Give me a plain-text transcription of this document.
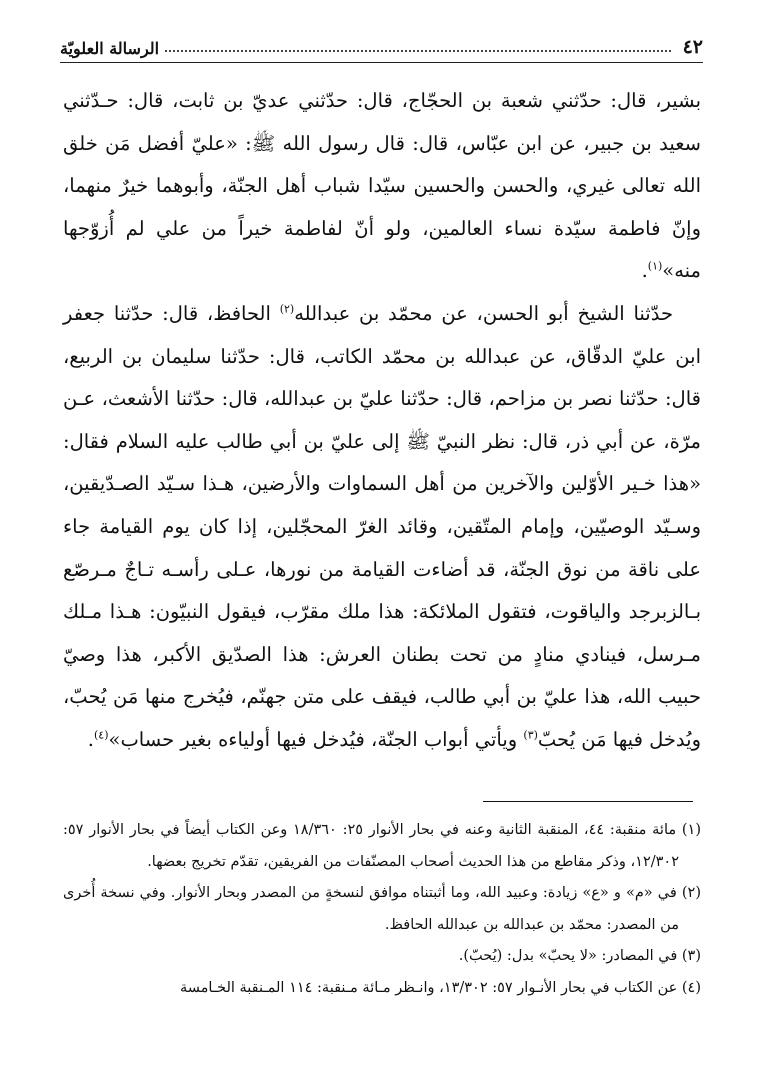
٤٢
الرسالة العلويّة

بشير، قال: حدّثني شعبة بن الحجّاج، قال: حدّثني عديّ بن ثابت، قال: حـدّثني سعيد بن جبير، عن ابن عبّاس، قال: قال رسول الله ﷺ: «عليّ أفضل مَن خلق الله تعالى غيري، والحسن والحسين سيّدا شباب أهل الجنّة، وأبوهما خيرٌ منهما، وإنّ فاطمة سيّدة نساء العالمين، ولو أنّ لفاطمة خيراً من علي لم أُزوّجها منه»$^{(١)}$.

حدّثنا الشيخ أبو الحسن، عن محمّد بن عبدالله$^{(٢)}$ الحافظ، قال: حدّثنا جعفر ابن عليّ الدقّاق، عن عبدالله بن محمّد الكاتب، قال: حدّثنا سليمان بن الربيع، قال: حدّثنا نصر بن مزاحم، قال: حدّثنا عليّ بن عبدالله، قال: حدّثنا الأشعث، عـن مرّة، عن أبي ذر، قال: نظر النبيّ ﷺ إلى عليّ بن أبي طالب عليه السلام فقال: «هذا خـير الأوّلين والآخرين من أهل السماوات والأرضين، هـذا سـيّد الصـدّيقين، وسـيّد الوصيّين، وإمام المتّقين، وقائد الغرّ المحجّلين، إذا كان يوم القيامة جاء على ناقة من نوق الجنّة، قد أضاءت القيامة من نورها، عـلى رأسـه تـاجٌ مـرصّع بـالزبرجد والياقوت، فتقول الملائكة: هذا ملك مقرّب، فيقول النبيّون: هـذا مـلك مـرسل، فينادي منادٍ من تحت بطنان العرش: هذا الصدّيق الأكبر، هذا وصيّ حبيب الله، هذا عليّ بن أبي طالب، فيقف على متن جهنّم، فيُخرج منها مَن يُحبّ، ويُدخل فيها مَن يُحبّ$^{(٣)}$ ويأتي أبواب الجنّة، فيُدخل فيها أولياءه بغير حساب»$^{(٤)}$.

(١) مائة منقبة: ٤٤، المنقبة الثانية وعنه في بحار الأنوار ٢٥: ١٨/٣٦٠ وعن الكتاب أيضاً في بحار الأنوار ٥٧: ١٢/٣٠٢، وذكر مقاطع من هذا الحديث أصحاب المصنّفات من الفريقين، تقدّم تخريج بعضها.

(٢) في «م» و «ع» زيادة: وعبيد الله، وما أثبتناه موافق لنسخةٍ من المصدر وبحار الأنوار. وفي نسخة أُخرى من المصدر: محمّد بن عبدالله بن عبدالله الحافظ.

(٣) في المصادر: «لا يحبّ» بدل: (يُحبّ).

(٤) عن الكتاب في بحار الأنـوار ٥٧: ١٣/٣٠٢، وانـظر مـائة مـنقبة: ١١٤ المـنقبة الخـامسة
